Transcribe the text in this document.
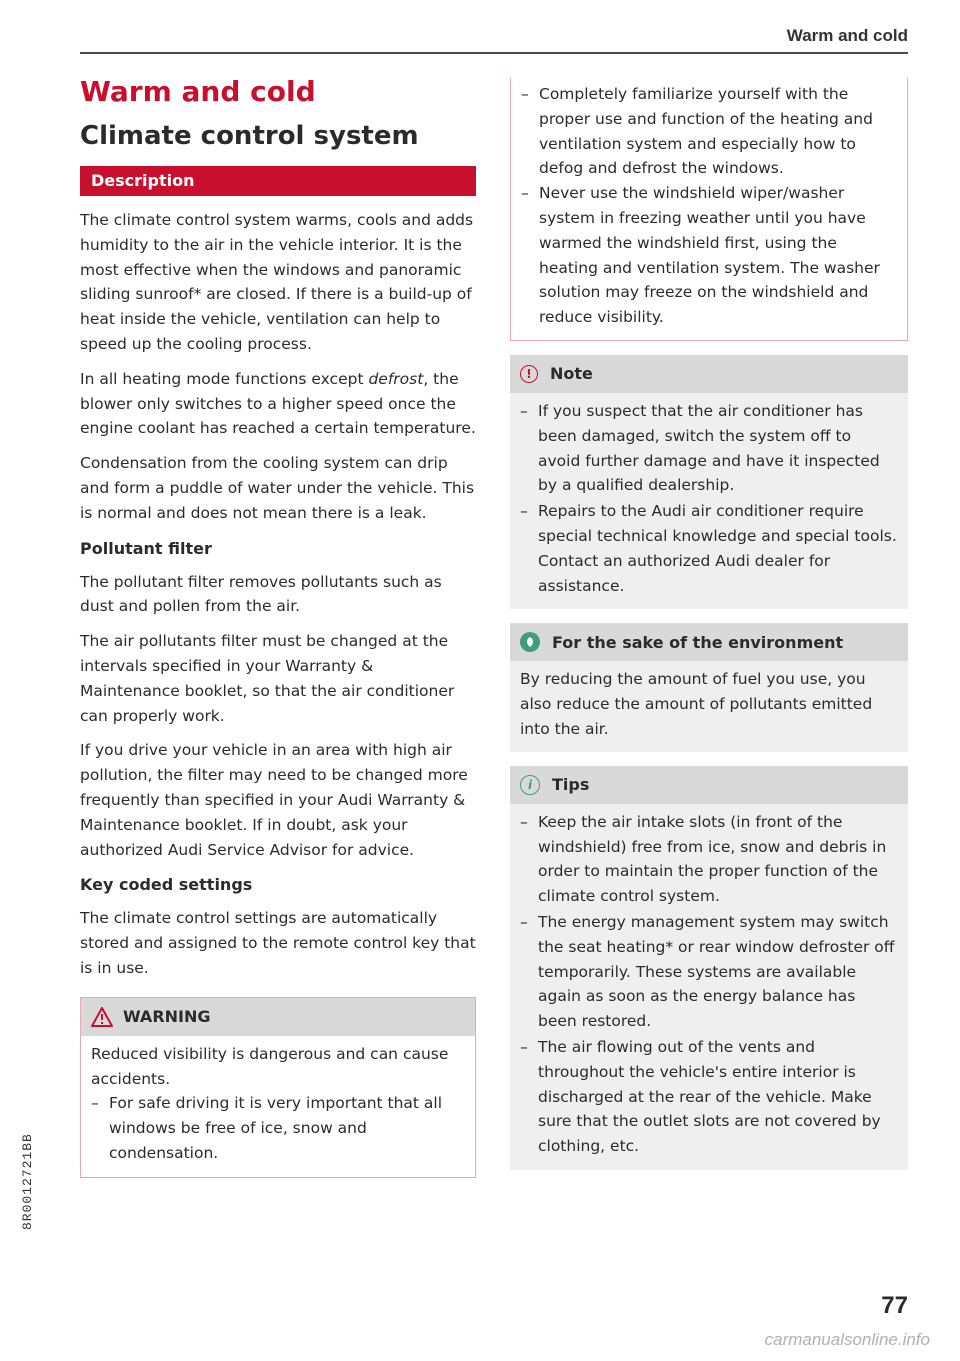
Warm and cold
Warm and cold
Climate control system
Description

The climate control system warms, cools and adds humidity to the air in the vehicle interior. It is the most effective when the windows and panoramic sliding sunroof* are closed. If there is a build-up of heat inside the vehicle, ventilation can help to speed up the cooling process.

In all heating mode functions except defrost, the blower only switches to a higher speed once the engine coolant has reached a certain temperature.

Condensation from the cooling system can drip and form a puddle of water under the vehicle. This is normal and does not mean there is a leak.

Pollutant filter

The pollutant filter removes pollutants such as dust and pollen from the air.

The air pollutants filter must be changed at the intervals specified in your Warranty & Maintenance booklet, so that the air conditioner can properly work.

If you drive your vehicle in an area with high air pollution, the filter may need to be changed more frequently than specified in your Audi Warranty & Maintenance booklet. If in doubt, ask your authorized Audi Service Advisor for advice.

Key coded settings

The climate control settings are automatically stored and assigned to the remote control key that is in use.

WARNING

Reduced visibility is dangerous and can cause accidents.

– For safe driving it is very important that all windows be free of ice, snow and condensation.
– Completely familiarize yourself with the proper use and function of the heating and ventilation system and especially how to defog and defrost the windows.
– Never use the windshield wiper/washer system in freezing weather until you have warmed the windshield first, using the heating and ventilation system. The washer solution may freeze on the windshield and reduce visibility.
!	Note
– If you suspect that the air conditioner has been damaged, switch the system off to avoid further damage and have it inspected by a qualified dealership.
– Repairs to the Audi air conditioner require special technical knowledge and special tools. Contact an authorized Audi dealer for assistance.
For the sake of the environment

By reducing the amount of fuel you use, you also reduce the amount of pollutants emitted into the air.

i	Tips
– Keep the air intake slots (in front of the windshield) free from ice, snow and debris in order to maintain the proper function of the climate control system.
– The energy management system may switch the seat heating* or rear window defroster off temporarily. These systems are available again as soon as the energy balance has been restored.
– The air flowing out of the vents and throughout the vehicle's entire interior is discharged at the rear of the vehicle. Make sure that the outlet slots are not covered by clothing, etc.
8R0012721BB
77
carmanualsonline.info
